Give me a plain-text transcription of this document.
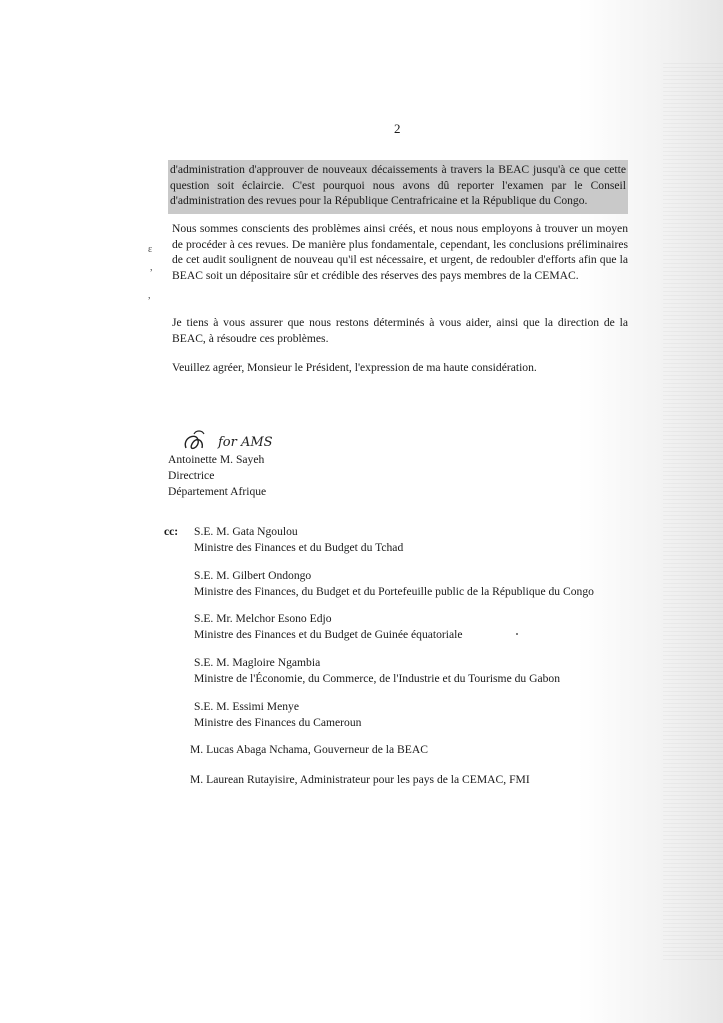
2
d'administration d'approuver de nouveaux décaissements à travers la BEAC jusqu'à ce que cette question soit éclaircie. C'est pourquoi nous avons dû reporter l'examen par le Conseil d'administration des revues pour la République Centrafricaine et la République du Congo.
ɛ
,
,
Nous sommes conscients des problèmes ainsi créés, et nous nous employons à trouver un moyen de procéder à ces revues. De manière plus fondamentale, cependant, les conclusions préliminaires de cet audit soulignent de nouveau qu'il est nécessaire, et urgent, de redoubler d'efforts afin que la BEAC soit un dépositaire sûr et crédible des réserves des pays membres de la CEMAC.
Je tiens à vous assurer que nous restons déterminés à vous aider, ainsi que la direction de la BEAC, à résoudre ces problèmes.
Veuillez agréer, Monsieur le Président, l'expression de ma haute considération.
for AMS
Antoinette M. Sayeh
Directrice
Département Afrique
cc: S.E. M. Gata Ngoulou
Ministre des Finances et du Budget du Tchad
S.E. M. Gilbert Ondongo
Ministre des Finances, du Budget et du Portefeuille public de la République du Congo
S.E. Mr. Melchor Esono Edjo
Ministre des Finances et du Budget de Guinée équatoriale
S.E. M. Magloire Ngambia
Ministre de l'Économie, du Commerce, de l'Industrie et du Tourisme du Gabon
S.E. M. Essimi Menye
Ministre des Finances du Cameroun
M. Lucas Abaga Nchama, Gouverneur de la BEAC
M. Laurean Rutayisire, Administrateur pour les pays de la CEMAC, FMI
